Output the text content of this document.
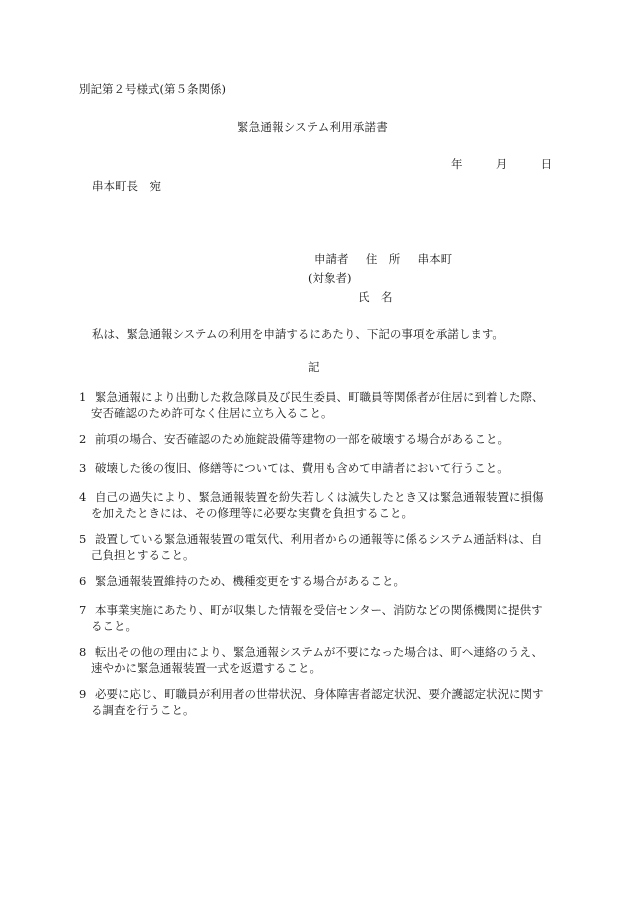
別記第２号様式(第５条関係)
緊急通報システム利用承諾書
年	月	日
串本町長　宛
申請者 住　所 串本町
(対象者)
氏　名
私は、緊急通報システムの利用を申請するにあたり、下記の事項を承諾します。
記
1 緊急通報により出動した救急隊員及び民生委員、町職員等関係者が住居に到着した際、
安否確認のため許可なく住居に立ち入ること。
2 前項の場合、安否確認のため施錠設備等建物の一部を破壊する場合があること。
3 破壊した後の復旧、修繕等については、費用も含めて申請者において行うこと。
4 自己の過失により、緊急通報装置を紛失若しくは滅失したとき又は緊急通報装置に損傷
を加えたときには、その修理等に必要な実費を負担すること。
5 設置している緊急通報装置の電気代、利用者からの通報等に係るシステム通話料は、自
己負担とすること。
6 緊急通報装置維持のため、機種変更をする場合があること。
7 本事業実施にあたり、町が収集した情報を受信センター、消防などの関係機関に提供す
ること。
8 転出その他の理由により、緊急通報システムが不要になった場合は、町へ連絡のうえ、
速やかに緊急通報装置一式を返還すること。
9 必要に応じ、町職員が利用者の世帯状況、身体障害者認定状況、要介護認定状況に関す
る調査を行うこと。
